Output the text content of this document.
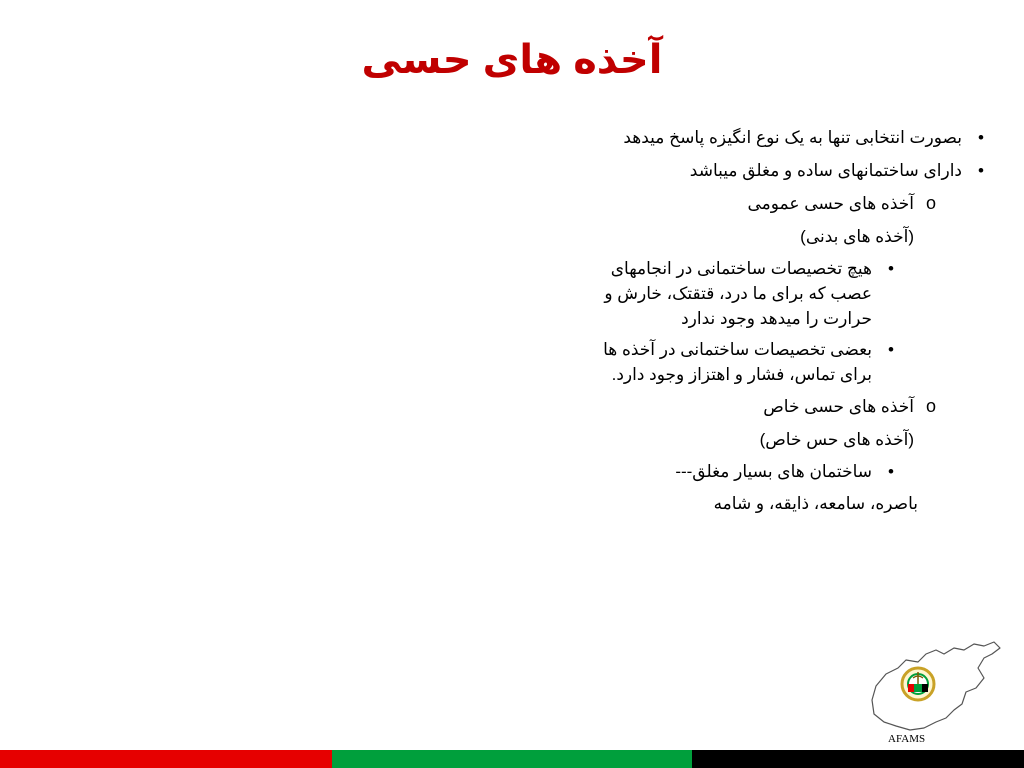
آخذه های حسی
•
بصورت انتخابی تنها به یک نوع انگیزه پاسخ میدهد
•
دارای ساختمانهای ساده و مغلق میباشد
o
آخذه های حسی عمومی
(آخذه های بدنی)
•
هیچ تخصیصات ساختمانی در انجامهای عصب که برای ما درد، قتقتک، خارش و حرارت را میدهد وجود ندارد
•
بعضی تخصیصات ساختمانی در آخذه ها برای تماس، فشار و اهتزاز وجود دارد.
o
آخذه های حسی خاص
(آخذه های حس خاص)
•
ساختمان های بسیار مغلق---
باصره، سامعه، ذایقه، و شامه
AFAMS
